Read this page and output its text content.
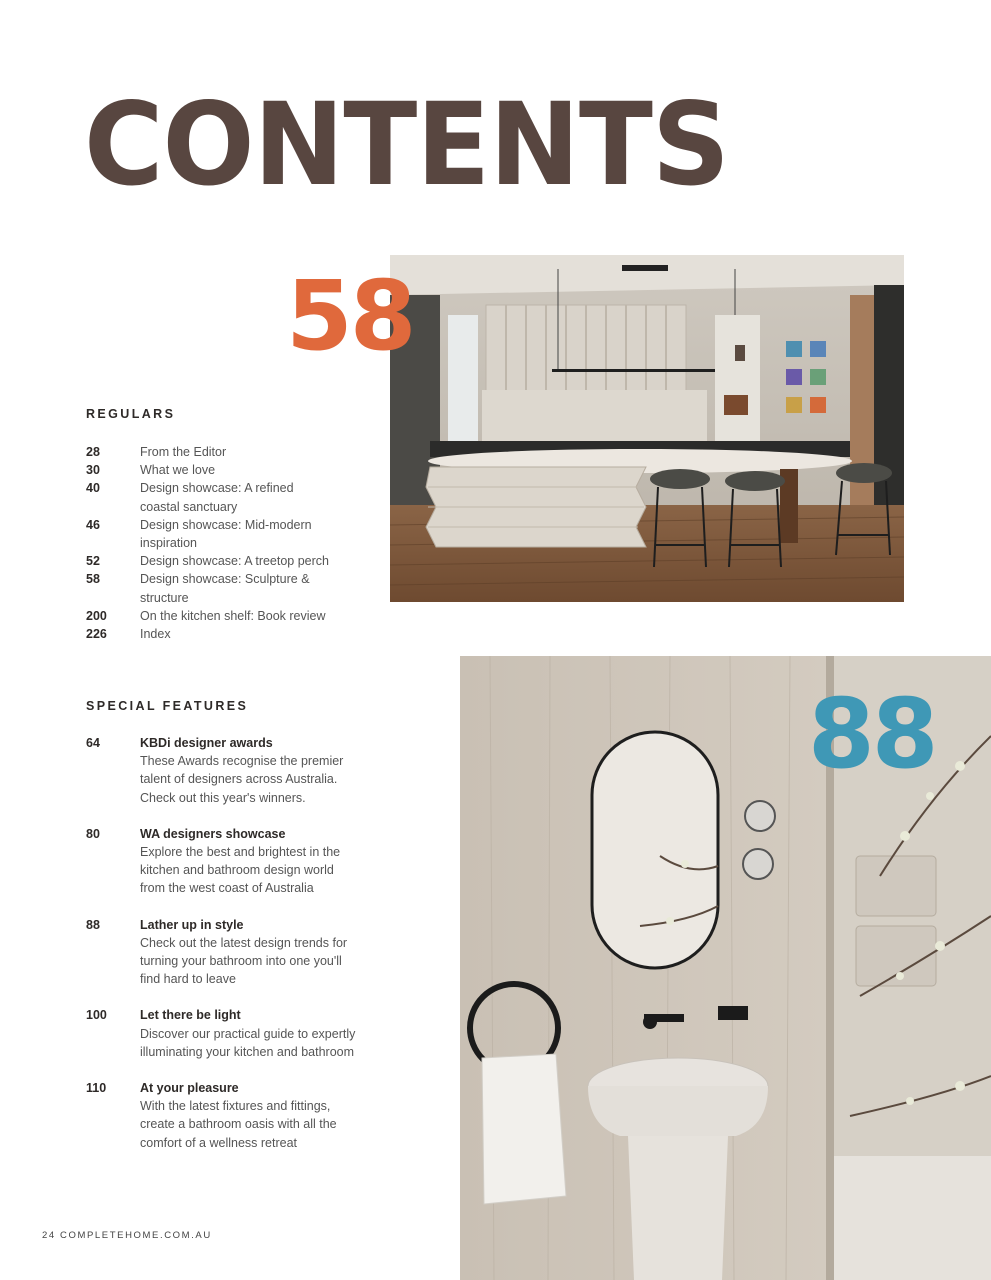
CONTENTS
58
REGULARS
28	From the Editor
30	What we love
40	Design showcase: A refined coastal sanctuary
46	Design showcase: Mid-modern inspiration
52	Design showcase: A treetop perch
58	Design showcase: Sculpture & structure
200	On the kitchen shelf: Book review
226	Index
SPECIAL FEATURES
64	KBDi designer awards
These Awards recognise the premier talent of designers across Australia. Check out this year's winners.
80	WA designers showcase
Explore the best and brightest in the kitchen and bathroom design world from the west coast of Australia
88	Lather up in style
Check out the latest design trends for turning your bathroom into one you'll find hard to leave
100	Let there be light
Discover our practical guide to expertly illuminating your kitchen and bathroom
110	At your pleasure
With the latest fixtures and fittings, create a bathroom oasis with all the comfort of a wellness retreat
88
24 COMPLETEHOME.COM.AU
